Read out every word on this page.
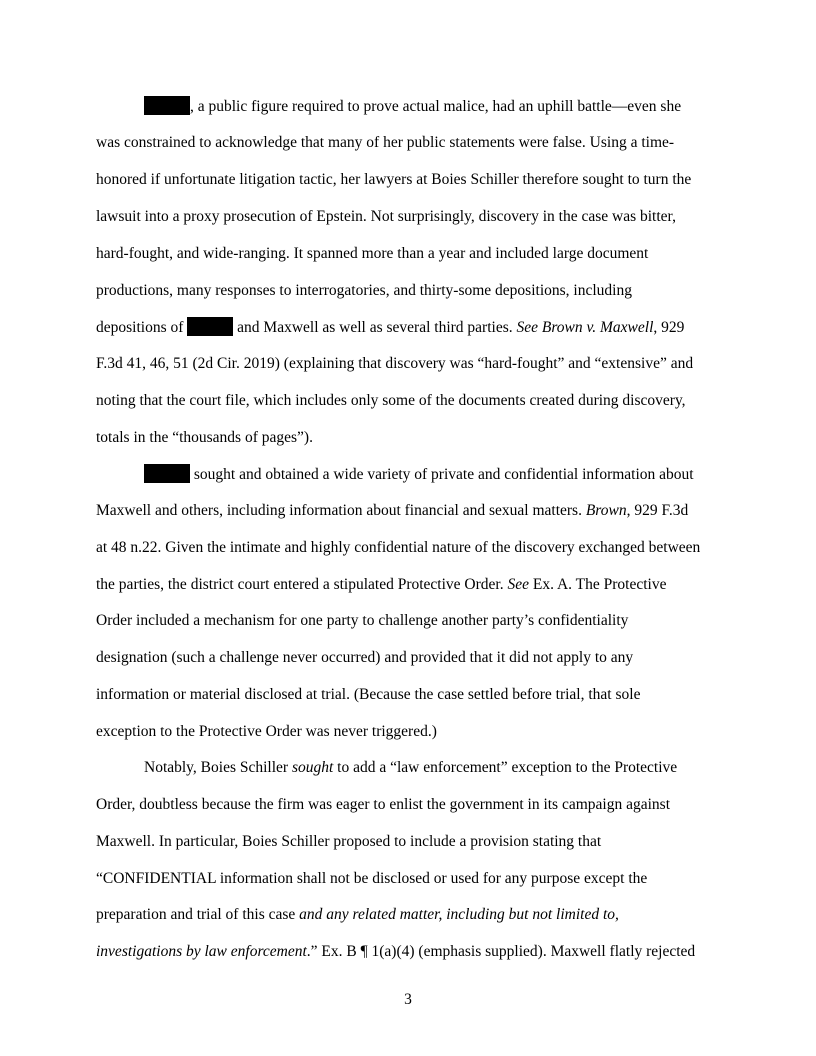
, a public figure required to prove actual malice, had an uphill battle—even she
was constrained to acknowledge that many of her public statements were false. Using a time-
honored if unfortunate litigation tactic, her lawyers at Boies Schiller therefore sought to turn the
lawsuit into a proxy prosecution of Epstein. Not surprisingly, discovery in the case was bitter,
hard-fought, and wide-ranging. It spanned more than a year and included large document
productions, many responses to interrogatories, and thirty-some depositions, including
depositions of	and Maxwell as well as several third parties. See Brown v. Maxwell, 929
F.3d 41, 46, 51 (2d Cir. 2019) (explaining that discovery was “hard-fought” and “extensive” and
noting that the court file, which includes only some of the documents created during discovery,
totals in the “thousands of pages”).
sought and obtained a wide variety of private and confidential information about
Maxwell and others, including information about financial and sexual matters. Brown, 929 F.3d
at 48 n.22. Given the intimate and highly confidential nature of the discovery exchanged between
the parties, the district court entered a stipulated Protective Order. See Ex. A. The Protective
Order included a mechanism for one party to challenge another party’s confidentiality
designation (such a challenge never occurred) and provided that it did not apply to any
information or material disclosed at trial. (Because the case settled before trial, that sole
exception to the Protective Order was never triggered.)
Notably, Boies Schiller sought to add a “law enforcement” exception to the Protective
Order, doubtless because the firm was eager to enlist the government in its campaign against
Maxwell. In particular, Boies Schiller proposed to include a provision stating that
“CONFIDENTIAL information shall not be disclosed or used for any purpose except the
preparation and trial of this case and any related matter, including but not limited to,
investigations by law enforcement.” Ex. B ¶ 1(a)(4) (emphasis supplied). Maxwell flatly rejected
3
